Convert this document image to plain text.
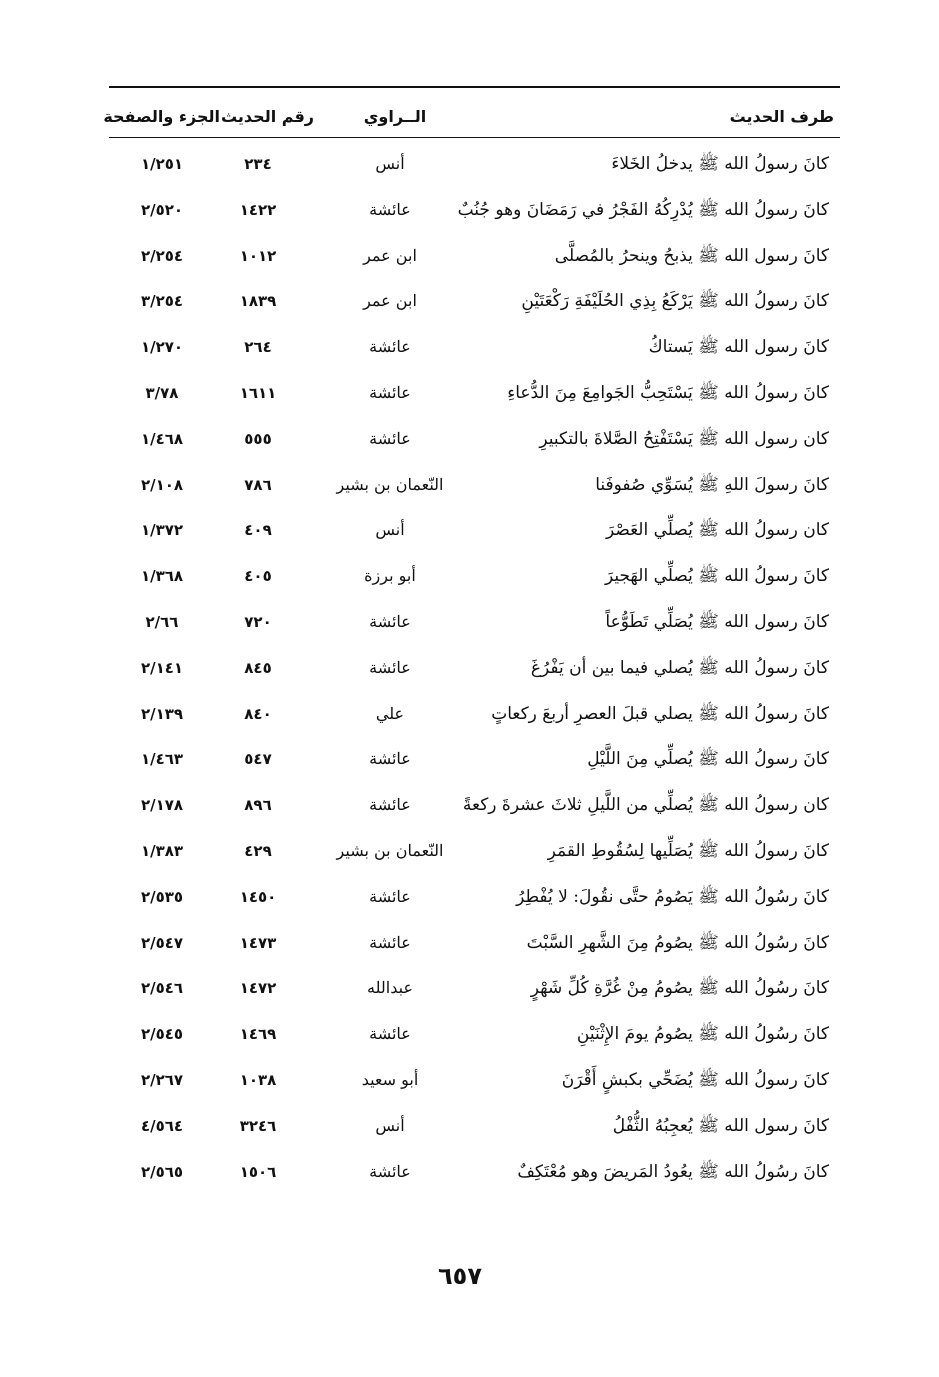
طرف الحديث
الــراوي
رقم الحديث
الجزء والصفحة
كانَ رسولُ الله ﷺ يدخلُ الخَلاءَ
أنس
٢٣٤
١/٢٥١
كانَ رسولُ الله ﷺ يُدْرِكُهُ الفَجْرُ في رَمَضَانَ وهو جُنُبٌ
عائشة
١٤٢٢
٢/٥٢٠
كانَ رسول الله ﷺ يذبحُ وينحرُ بالمُصلَّى
ابن عمر
١٠١٢
٢/٢٥٤
كانَ رسولُ الله ﷺ يَرْكَعُ بِذِي الحُلَيْفَةِ رَكْعَتَيْنِ
ابن عمر
١٨٣٩
٣/٢٥٤
كانَ رسول الله ﷺ يَستاكُ
عائشة
٢٦٤
١/٢٧٠
كانَ رسولُ الله ﷺ يَسْتَحِبُّ الجَوامِعَ مِنَ الدُّعاءِ
عائشة
١٦١١
٣/٧٨
كان رسول الله ﷺ يَسْتَفْتِحُ الصَّلاةَ بالتكبيرِ
عائشة
٥٥٥
١/٤٦٨
كانَ رسولَ اللهِ ﷺ يُسَوِّي صُفوفَنا
النّعمان بن بشير
٧٨٦
٢/١٠٨
كان رسولُ الله ﷺ يُصلِّي العَصْرَ
أنس
٤٠٩
١/٣٧٢
كانَ رسولُ الله ﷺ يُصلِّي الهَجيرَ
أبو برزة
٤٠٥
١/٣٦٨
كانَ رسول الله ﷺ يُصَلِّي تَطَوُّعاً
عائشة
٧٢٠
٢/٦٦
كانَ رسولُ الله ﷺ يُصلي فيما بين أن يَفْرُغَ
عائشة
٨٤٥
٢/١٤١
كانَ رسولُ الله ﷺ يصلي قبلَ العصرِ أربعَ ركعاتٍ
علي
٨٤٠
٢/١٣٩
كانَ رسولُ الله ﷺ يُصلِّي مِنَ اللَّيْلِ
عائشة
٥٤٧
١/٤٦٣
كان رسولُ الله ﷺ يُصلِّي من اللَّيلِ ثلاثَ عشرةَ ركعةً
عائشة
٨٩٦
٢/١٧٨
كانَ رسولُ الله ﷺ يُصَلِّيها لِسُقُوطِ القمَرِ
النّعمان بن بشير
٤٢٩
١/٣٨٣
كانَ رسُولُ الله ﷺ يَصُومُ حتَّى نقُولَ: لا يُفْطِرُ
عائشة
١٤٥٠
٢/٥٣٥
كانَ رسُولُ الله ﷺ يصُومُ مِنَ الشَّهرِ السَّبْتَ
عائشة
١٤٧٣
٢/٥٤٧
كانَ رسُولُ الله ﷺ يصُومُ مِنْ غُرَّةِ كُلِّ شَهْرٍ
عبدالله
١٤٧٢
٢/٥٤٦
كانَ رسُولُ الله ﷺ يصُومُ يومَ الإِثْنَيْنِ
عائشة
١٤٦٩
٢/٥٤٥
كانَ رسولُ الله ﷺ يُضَحِّي بكبشٍ أَقْرَنَ
أبو سعيد
١٠٣٨
٢/٢٦٧
كانَ رسول الله ﷺ يُعجِبُهُ الثُّفْلُ
أنس
٣٢٤٦
٤/٥٦٤
كانَ رسُولُ الله ﷺ يعُودُ المَريضَ وهو مُعْتَكِفٌ
عائشة
١٥٠٦
٢/٥٦٥
٦٥٧
